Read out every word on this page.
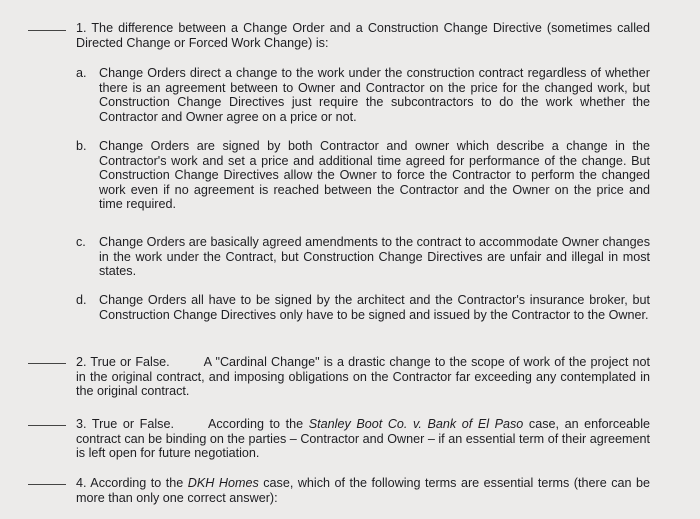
1. The difference between a Change Order and a Construction Change Directive (sometimes called Directed Change or Forced Work Change) is:
a. Change Orders direct a change to the work under the construction contract regardless of whether there is an agreement between to Owner and Contractor on the price for the changed work, but Construction Change Directives just require the subcontractors to do the work whether the Contractor and Owner agree on a price or not.
b. Change Orders are signed by both Contractor and owner which describe a change in the Contractor's work and set a price and additional time agreed for performance of the change. But Construction Change Directives allow the Owner to force the Contractor to perform the changed work even if no agreement is reached between the Contractor and the Owner on the price and time required.
c.	Change Orders are basically agreed amendments to the contract to accommodate Owner changes in the work under the Contract, but Construction Change Directives are unfair and illegal in most states.
d. Change Orders all have to be signed by the architect and the Contractor's insurance broker, but Construction Change Directives only have to be signed and issued by the Contractor to the Owner.
2. True or False.	A "Cardinal Change" is a drastic change to the scope of work of the project not in the original contract, and imposing obligations on the Contractor far exceeding any contemplated in the original contract.
3. True or False.	According to the Stanley Boot Co. v. Bank of El Paso case, an enforceable contract can be binding on the parties – Contractor and Owner – if an essential term of their agreement is left open for future negotiation.
4. According to the DKH Homes case, which of the following terms are essential terms (there can be more than only one correct answer):
